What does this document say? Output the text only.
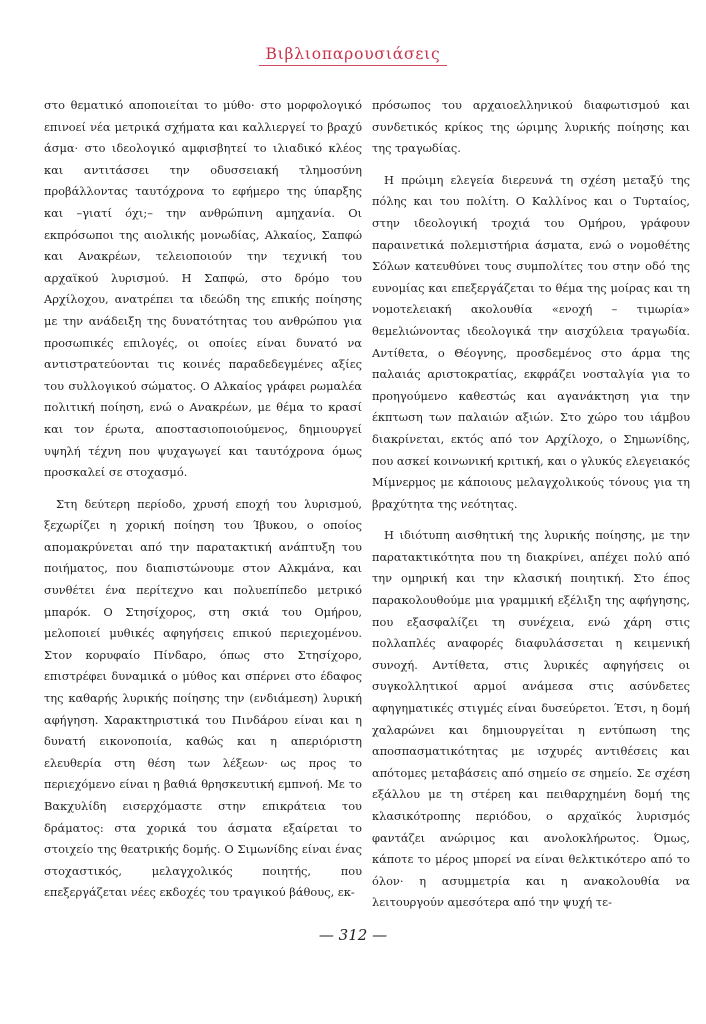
Βιβλιοπαρουσιάσεις

στο θεματικό αποποιείται το μύθο· στο μορφολογικό επινοεί νέα μετρικά σχήματα και καλλιεργεί το βραχύ άσμα· στο ιδεολογικό αμφισβητεί το ιλιαδικό κλέος και αντιτάσσει την οδυσσειακή τλημοσύνη προβάλλοντας ταυτόχρονα το εφήμερο της ύπαρξης και –γιατί όχι;– την ανθρώπινη αμηχανία. Οι εκπρόσωποι της αιολικής μονωδίας, Αλκαίος, Σαπφώ και Ανακρέων, τελειοποιούν την τεχνική του αρχαϊκού λυρισμού. Η Σαπφώ, στο δρόμο του Αρχίλοχου, ανατρέπει τα ιδεώδη της επικής ποίησης με την ανάδειξη της δυνατότητας του ανθρώπου για προσωπικές επιλογές, οι οποίες είναι δυνατό να αντιστρατεύονται τις κοινές παραδεδεγμένες αξίες του συλλογικού σώματος. Ο Αλκαίος γράφει ρωμαλέα πολιτική ποίηση, ενώ ο Ανακρέων, με θέμα το κρασί και τον έρωτα, αποστασιοποιούμενος, δημιουργεί υψηλή τέχνη που ψυχαγωγεί και ταυτόχρονα όμως προσκαλεί σε στοχασμό.

Στη δεύτερη περίοδο, χρυσή εποχή του λυρισμού, ξεχωρίζει η χορική ποίηση του Ίβυκου, ο οποίος απομακρύνεται από την παρατακτική ανάπτυξη του ποιήματος, που διαπιστώνουμε στον Αλκμάνα, και συνθέτει ένα περίτεχνο και πολυεπίπεδο μετρικό μπαρόκ. Ο Στησίχορος, στη σκιά του Ομήρου, μελοποιεί μυθικές αφηγήσεις επικού περιεχομένου. Στον κορυφαίο Πίνδαρο, όπως στο Στησίχορο, επιστρέφει δυναμικά ο μύθος και σπέρνει στο έδαφος της καθαρής λυρικής ποίησης την (ενδιάμεση) λυρική αφήγηση. Χαρακτηριστικά του Πινδάρου είναι και η δυνατή εικονοποιία, καθώς και η απεριόριστη ελευθερία στη θέση των λέξεων· ως προς το περιεχόμενο είναι η βαθιά θρησκευτική εμπνοή. Με το Βακχυλίδη εισερχόμαστε στην επικράτεια του δράματος: στα χορικά του άσματα εξαίρεται το στοιχείο της θεατρικής δομής. Ο Σιμωνίδης είναι ένας στοχαστικός, μελαγχολικός ποιητής, που επεξεργάζεται νέες εκδοχές του τραγικού βάθους, εκ-

πρόσωπος του αρχαιοελληνικού διαφωτισμού και συνδετικός κρίκος της ώριμης λυρικής ποίησης και της τραγωδίας.

Η πρώιμη ελεγεία διερευνά τη σχέση μεταξύ της πόλης και του πολίτη. Ο Καλλίνος και ο Τυρταίος, στην ιδεολογική τροχιά του Ομήρου, γράφουν παραινετικά πολεμιστήρια άσματα, ενώ ο νομοθέτης Σόλων κατευθύνει τους συμπολίτες του στην οδό της ευνομίας και επεξεργάζεται το θέμα της μοίρας και τη νομοτελειακή ακολουθία «ενοχή – τιμωρία» θεμελιώνοντας ιδεολογικά την αισχύλεια τραγωδία. Αντίθετα, ο Θέογνης, προσδεμένος στο άρμα της παλαιάς αριστοκρατίας, εκφράζει νοσταλγία για το προηγούμενο καθεστώς και αγανάκτηση για την έκπτωση των παλαιών αξιών. Στο χώρο του ιάμβου διακρίνεται, εκτός από τον Αρχίλοχο, ο Σημωνίδης, που ασκεί κοινωνική κριτική, και ο γλυκύς ελεγειακός Μίμνερμος με κάποιους μελαγχολικούς τόνους για τη βραχύτητα της νεότητας.

Η ιδιότυπη αισθητική της λυρικής ποίησης, με την παρατακτικότητα που τη διακρίνει, απέχει πολύ από την ομηρική και την κλασική ποιητική. Στο έπος παρακολουθούμε μια γραμμική εξέλιξη της αφήγησης, που εξασφαλίζει τη συνέχεια, ενώ χάρη στις πολλαπλές αναφορές διαφυλάσσεται η κειμενική συνοχή. Αντίθετα, στις λυρικές αφηγήσεις οι συγκολλητικοί αρμοί ανάμεσα στις ασύνδετες αφηγηματικές στιγμές είναι δυσεύρετοι. Έτσι, η δομή χαλαρώνει και δημιουργείται η εντύπωση της αποσπασματικότητας με ισχυρές αντιθέσεις και απότομες μεταβάσεις από σημείο σε σημείο. Σε σχέση εξάλλου με τη στέρεη και πειθαρχημένη δομή της κλασικότροπης περιόδου, ο αρχαϊκός λυρισμός φαντάζει ανώριμος και ανολοκλήρωτος. Όμως, κάποτε το μέρος μπορεί να είναι θελκτικότερο από το όλον· η ασυμμετρία και η ανακολουθία να λειτουργούν αμεσότερα από την ψυχή τε-

— 312 —
